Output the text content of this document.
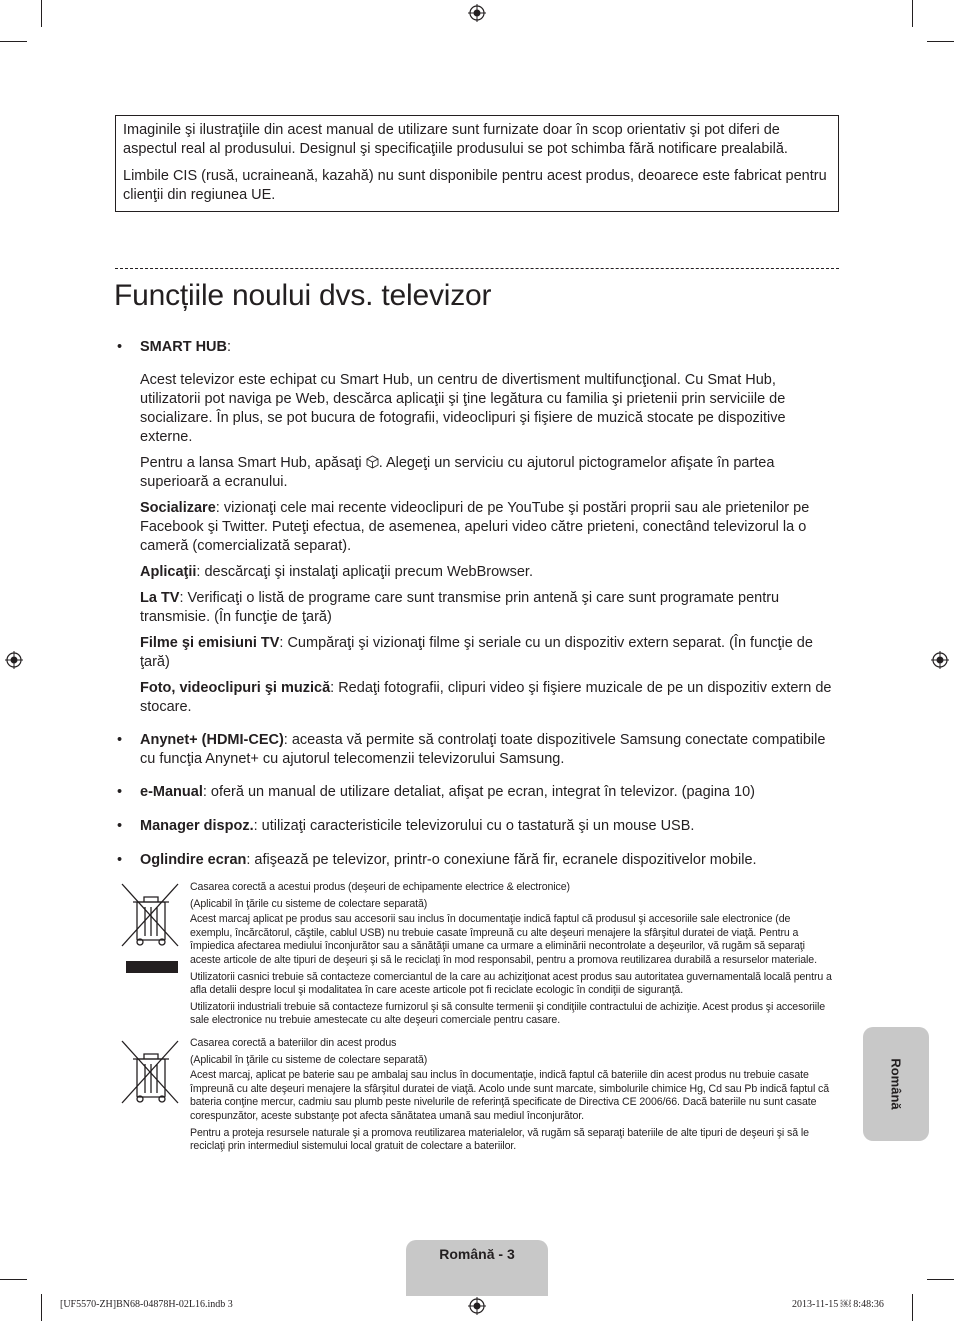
Imaginile şi ilustraţiile din acest manual de utilizare sunt furnizate doar în scop orientativ şi pot diferi de aspectul real al produsului. Designul şi specificaţiile produsului se pot schimba fără notificare prealabilă.

Limbile CIS (rusă, ucraineană, kazahă) nu sunt disponibile pentru acest produs, deoarece este fabricat pentru clienţii din regiunea UE.

Funcțiile noului dvs. televizor
• SMART HUB:

Acest televizor este echipat cu Smart Hub, un centru de divertisment multifuncţional. Cu Smat Hub, utilizatorii pot naviga pe Web, descărca aplicaţii şi ţine legătura cu familia şi prietenii prin serviciile de socializare. În plus, se pot bucura de fotografii, videoclipuri şi fişiere de muzică stocate pe dispozitive externe.

Pentru a lansa Smart Hub, apăsaţi . Alegeţi un serviciu cu ajutorul pictogramelor afişate în partea superioară a ecranului.

Socializare: vizionaţi cele mai recente videoclipuri de pe YouTube şi postări proprii sau ale prietenilor pe Facebook şi Twitter. Puteţi efectua, de asemenea, apeluri video către prieteni, conectând televizorul la o cameră (comercializată separat).

Aplicaţii: descărcaţi şi instalaţi aplicaţii precum WebBrowser.

La TV: Verificaţi o listă de programe care sunt transmise prin antenă şi care sunt programate pentru transmisie. (În funcţie de ţară)

Filme şi emisiuni TV: Cumpăraţi şi vizionaţi filme şi seriale cu un dispozitiv extern separat. (În funcţie de ţară)

Foto, videoclipuri şi muzică: Redaţi fotografii, clipuri video şi fişiere muzicale de pe un dispozitiv extern de stocare.

• Anynet+ (HDMI-CEC): aceasta vă permite să controlaţi toate dispozitivele Samsung conectate compatibile cu funcţia Anynet+ cu ajutorul telecomenzii televizorului Samsung.

• e-Manual: oferă un manual de utilizare detaliat, afişat pe ecran, integrat în televizor. (pagina 10)

• Manager dispoz.: utilizaţi caracteristicile televizorului cu o tastatură şi un mouse USB.

• Oglindire ecran: afişează pe televizor, printr-o conexiune fără fir, ecranele dispozitivelor mobile.

Casarea corectă a acestui produs (deşeuri de echipamente electrice & electronice)
(Aplicabil în ţările cu sisteme de colectare separată)

Acest marcaj aplicat pe produs sau accesorii sau inclus în documentaţie indică faptul că produsul şi accesoriile sale electronice (de exemplu, încărcătorul, căştile, cablul USB) nu trebuie casate împreună cu alte deşeuri menajere la sfârşitul duratei de viaţă. Pentru a împiedica afectarea mediului înconjurător sau a sănătăţii umane ca urmare a eliminării necontrolate a deşeurilor, vă rugăm să separaţi aceste articole de alte tipuri de deşeuri şi să le reciclaţi în mod responsabil, pentru a promova reutilizarea durabilă a resurselor materiale.

Utilizatorii casnici trebuie să contacteze comerciantul de la care au achiziţionat acest produs sau autoritatea guvernamentală locală pentru a afla detalii despre locul şi modalitatea în care aceste articole pot fi reciclate ecologic în condiţii de siguranţă.

Utilizatorii industriali trebuie să contacteze furnizorul şi să consulte termenii şi condiţiile contractului de achiziţie. Acest produs şi accesoriile sale electronice nu trebuie amestecate cu alte deşeuri comerciale pentru casare.

Casarea corectă a bateriilor din acest produs
(Aplicabil în ţările cu sisteme de colectare separată)

Acest marcaj, aplicat pe baterie sau pe ambalaj sau inclus în documentaţie, indică faptul că bateriile din acest produs nu trebuie casate împreună cu alte deşeuri menajere la sfârşitul duratei de viaţă. Acolo unde sunt marcate, simbolurile chimice Hg, Cd sau Pb indică faptul că bateria conţine mercur, cadmiu sau plumb peste nivelurile de referinţă specificate de Directiva CE 2006/66. Dacă bateriile nu sunt casate corespunzător, aceste substanţe pot afecta sănătatea umană sau mediul înconjurător.

Pentru a proteja resursele naturale şi a promova reutilizarea materialelor, vă rugăm să separaţi bateriile de alte tipuri de deşeuri şi să le reciclaţi prin intermediul sistemului local gratuit de colectare a bateriilor.

Română
Română - 3
[UF5570-ZH]BN68-04878H-02L16.indb 3	2013-11-15 ￼ 8:48:36
